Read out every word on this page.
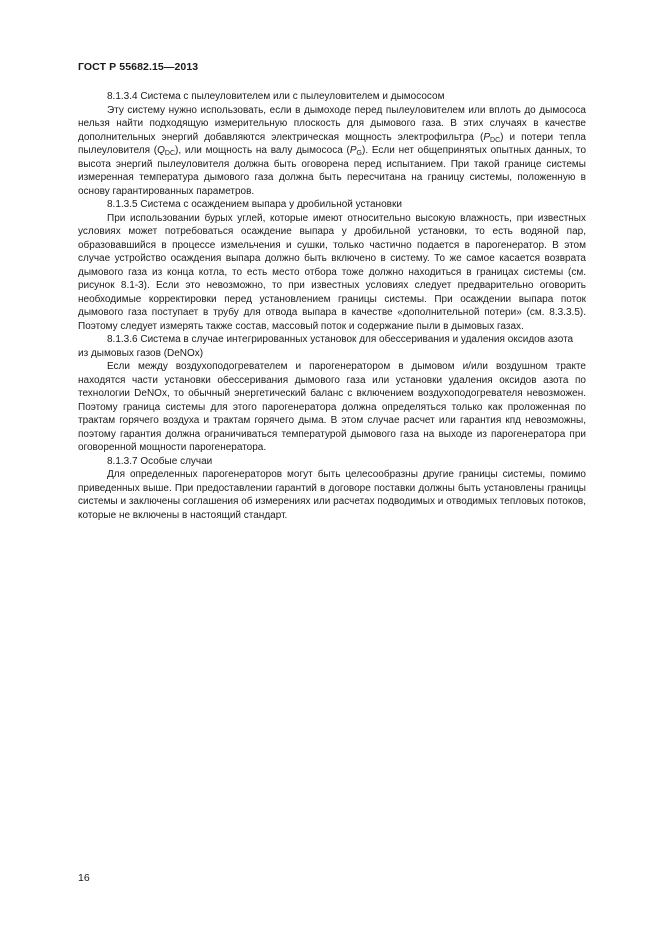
ГОСТ Р 55682.15—2013

8.1.3.4 Система с пылеуловителем или с пылеуловителем и дымососом

Эту систему нужно использовать, если в дымоходе перед пылеуловителем или вплоть до дымососа нельзя найти подходящую измерительную плоскость для дымового газа. В этих случаях в качестве дополнительных энергий добавляются электрическая мощность электрофильтра $(P_{DC})$ и потери тепла пылеуловителя $(Q_{DC})$, или мощность на валу дымососа $(P_G)$. Если нет общепринятых опытных данных, то высота энергий пылеуловителя должна быть оговорена перед испытанием. При такой границе системы измеренная температура дымового газа должна быть пересчитана на границу системы, положенную в основу гарантированных параметров.

8.1.3.5 Система с осаждением выпара у дробильной установки

При использовании бурых углей, которые имеют относительно высокую влажность, при известных условиях может потребоваться осаждение выпара у дробильной установки, то есть водяной пар, образовавшийся в процессе измельчения и сушки, только частично подается в парогенератор. В этом случае устройство осаждения выпара должно быть включено в систему. То же самое касается возврата дымового газа из конца котла, то есть место отбора тоже должно находиться в границах системы (см. рисунок 8.1-3). Если это невозможно, то при известных условиях следует предварительно оговорить необходимые корректировки перед установлением границы системы. При осаждении выпара поток дымового газа поступает в трубу для отвода выпара в качестве «дополнительной потери» (см. 8.3.3.5). Поэтому следует измерять также состав, массовый поток и содержание пыли в дымовых газах.

8.1.3.6 Система в случае интегрированных установок для обессеривания и удаления оксидов азота из дымовых газов (DeNOx)

Если между воздухоподогревателем и парогенератором в дымовом и/или воздушном тракте находятся части установки обессеривания дымового газа или установки удаления оксидов азота по технологии DeNOx, то обычный энергетический баланс с включением воздухоподогревателя невозможен. Поэтому граница системы для этого парогенератора должна определяться только как проложенная по трактам горячего воздуха и трактам горячего дыма. В этом случае расчет или гарантия кпд невозможны, поэтому гарантия должна ограничиваться температурой дымового газа на выходе из парогенератора при оговоренной мощности парогенератора.

8.1.3.7 Особые случаи

Для определенных парогенераторов могут быть целесообразны другие границы системы, помимо приведенных выше. При предоставлении гарантий в договоре поставки должны быть установлены границы системы и заключены соглашения об измерениях или расчетах подводимых и отводимых тепловых потоков, которые не включены в настоящий стандарт.

16
